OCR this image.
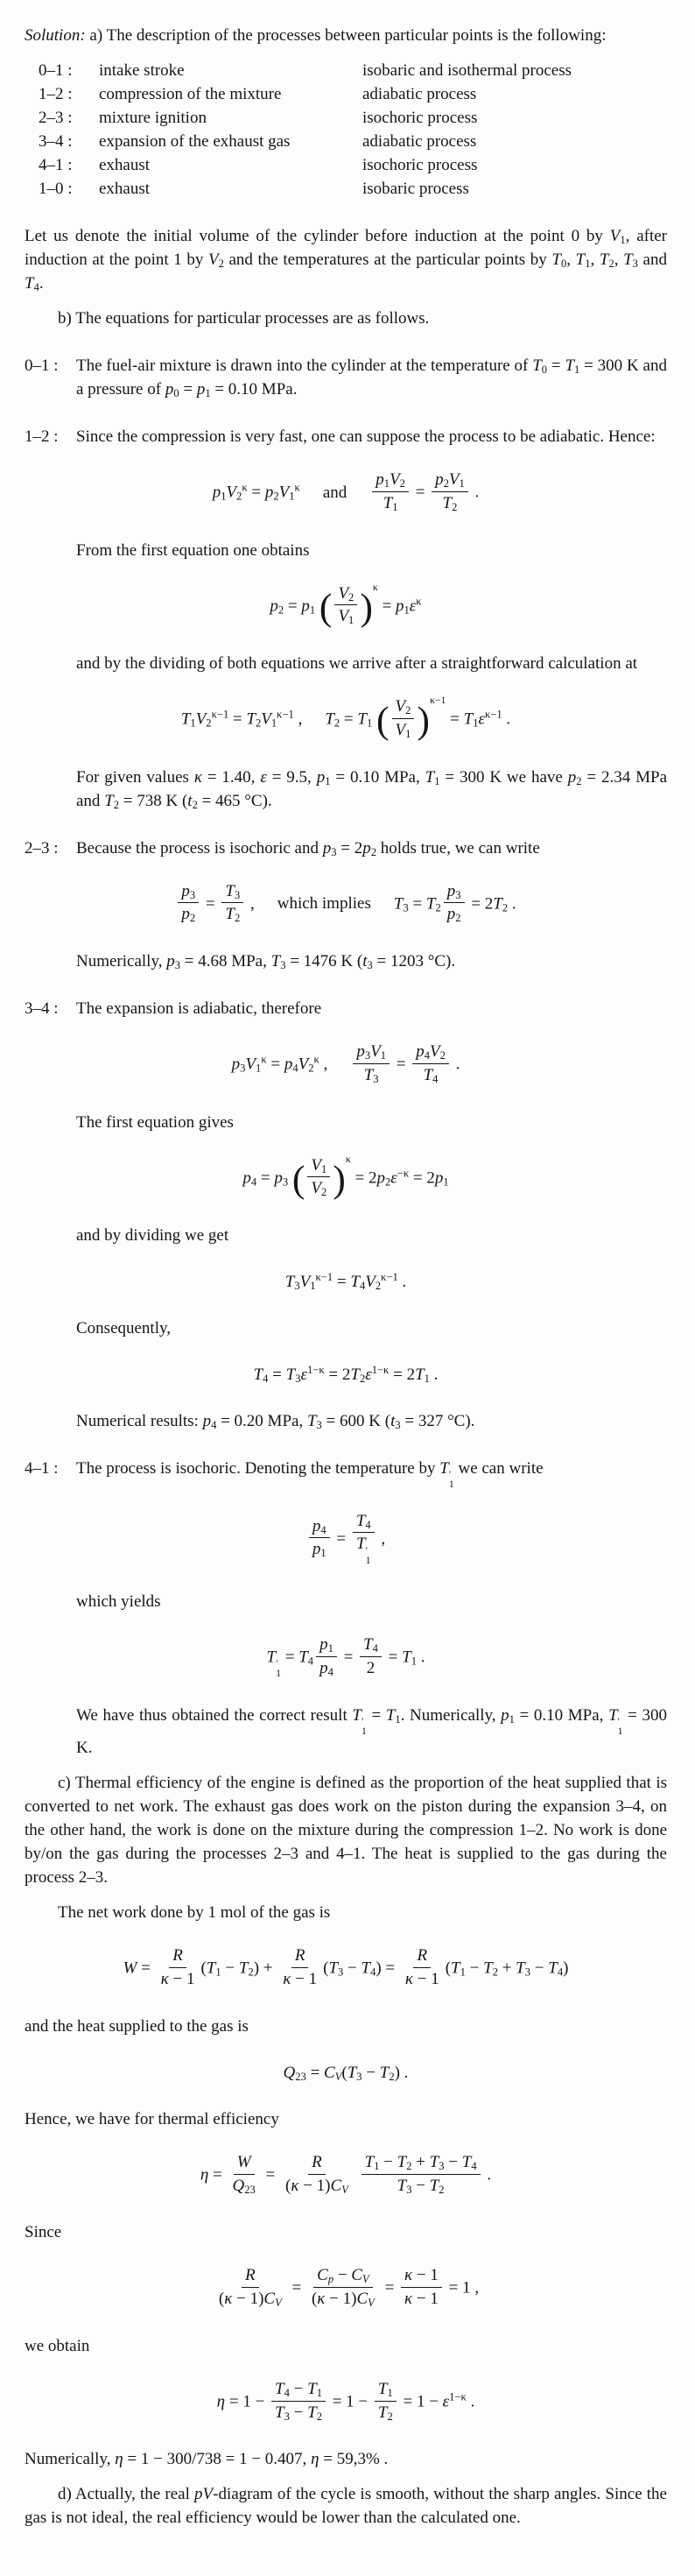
Solution: a) The description of the processes between particular points is the following:

0–1 :	intake stroke	isobaric and isothermal process
1–2 :	compression of the mixture	adiabatic process
2–3 :	mixture ignition	isochoric process
3–4 :	expansion of the exhaust gas	adiabatic process
4–1 :	exhaust	isochoric process
1–0 :	exhaust	isobaric process

Let us denote the initial volume of the cylinder before induction at the point 0 by $V_1$, after induction at the point 1 by $V_2$ and the temperatures at the particular points by $T_0$, $T_1$, $T_2$, $T_3$ and $T_4$.

b) The equations for particular processes are as follows.

0–1 :	The fuel-air mixture is drawn into the cylinder at the temperature of $T_0 = T_1 = 300$ K and a pressure of $p_0 = p_1 = 0.10$ MPa.
1–2 :	Since the compression is very fast, one can suppose the process to be adiabatic. Hence:
$p_1V_2^\kappa = p_2V_1^\kappa$ and $\frac{p_1V_2}{T_1} = \frac{p_2V_1}{T_2}$ .

From the first equation one obtains

$p_2 = p_1$ ( $\frac{V_2}{V_1} )^\kappa = p_1\varepsilon^\kappa$

and by the dividing of both equations we arrive after a straightforward calculation at

$T_1V_2^{\kappa-1} = T_2V_1^{\kappa-1}$ , $T_2 = T_1$ ( $\frac{V_2}{V_1} )^{\kappa-1} = T_1\varepsilon^{\kappa-1}$ .

For given values κ = 1.40, ε = 9.5, $p_1 = 0.10$ MPa, $T_1 = 300$ K we have $p_2 = 2.34$ MPa and $T_2 = 738$ K ($t_2 = 465$ °C).

2–3 :	Because the process is isochoric and $p_3 = 2p_2$ holds true, we can write
$\frac{p_3}{p_2} = \frac{T_3}{T_2}$ , which implies $T_3 = T_2 \frac{p_3}{p_2} = 2T_2$ .

Numerically, $p_3 = 4.68$ MPa, $T_3 = 1476$ K ($t_3 = 1203$ °C).

3–4 :	The expansion is adiabatic, therefore
$p_3V_1^\kappa = p_4V_2^\kappa$ , $\frac{p_3V_1}{T_3} = \frac{p_4V_2}{T_4}$ .

The first equation gives

$p_4 = p_3$ ( $\frac{V_1}{V_2} )^\kappa = 2p_2\varepsilon^{-\kappa} = 2p_1$

and by dividing we get

$T_3V_1^{\kappa-1} = T_4V_2^{\kappa-1}$ .

Consequently,

$T_4 = T_3\varepsilon^{1-\kappa} = 2T_2\varepsilon^{1-\kappa} = 2T_1$ .

Numerical results: $p_4 = 0.20$ MPa, $T_3 = 600$ K ($t_3 = 327$ °C).

4–1 :	The process is isochoric. Denoting the temperature by T ′
1
we can write
$\frac{p_4}{p_1} = T_4$
T ′
1 ,

which yields

T ′
1
= $T_4 \frac{p_1}{p_4} = \frac{T_4}{2} = T_1$ .

We have thus obtained the correct result T ′
1
= $T_1$. Numerically, $p_1 = 0.10$ MPa, T ′
1
= 300 K.

c) Thermal efficiency of the engine is defined as the proportion of the heat supplied that is converted to net work. The exhaust gas does work on the piston during the expansion 3–4, on the other hand, the work is done on the mixture during the compression 1–2. No work is done by/on the gas during the processes 2–3 and 4–1. The heat is supplied to the gas during the process 2–3.

The net work done by 1 mol of the gas is

$W = \frac{R}{\kappa - 1} (T_1 - T_2) + \frac{R}{\kappa - 1} (T_3 - T_4) = \frac{R}{\kappa - 1} (T_1 - T_2 + T_3 - T_4)$

and the heat supplied to the gas is

$Q_{23} = C_V(T_3 - T_2)$ .

Hence, we have for thermal efficiency

$\eta = \frac{W}{Q_{23}} = \frac{R}{(\kappa - 1)C_V}$
$\frac{T_1 - T_2 + T_3 - T_4}{T_3 - T_2}$ .

Since

$\frac{R}{(\kappa - 1)C_V} = \frac{C_p - C_V}{(\kappa - 1)C_V} = \frac{\kappa - 1}{\kappa - 1} = 1$ ,

we obtain

$\eta = 1 - \frac{T_4 - T_1}{T_3 - T_2} = 1 - \frac{T_1}{T_2} = 1 - \varepsilon^{1-\kappa}$ .

Numerically, η = 1 − 300/738 = 1 − 0.407, η = 59,3% .

d) Actually, the real pV-diagram of the cycle is smooth, without the sharp angles. Since the gas is not ideal, the real efficiency would be lower than the calculated one.
